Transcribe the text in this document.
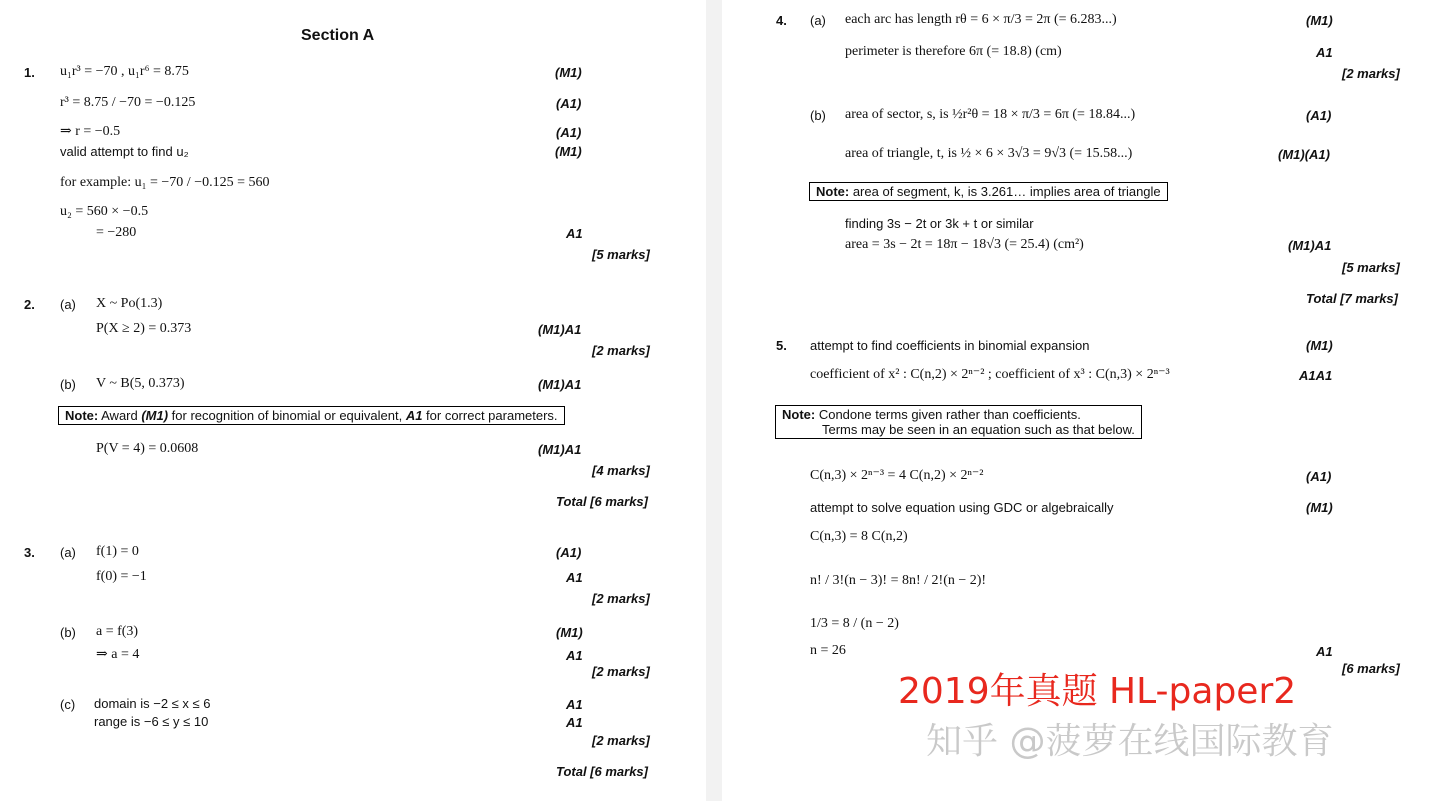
Section A
1. u₁r³ = −70 , u₁r⁶ = 8.75	(M1)
r³ = 8.75 / −70 = −0.125	(A1)
⇒ r = −0.5	(A1)
valid attempt to find u₂	(M1)
for example: u₁ = −70 / −0.125 = 560
u₂ = 560 × −0.5
= −280	A1
[5 marks]
2. (a) X ~ Po(1.3)
P(X ≥ 2) = 0.373	(M1)A1
[2 marks]
(b) V ~ B(5, 0.373)	(M1)A1
Note: Award (M1) for recognition of binomial or equivalent, A1 for correct parameters.
P(V = 4) = 0.0608	(M1)A1
[4 marks]
Total [6 marks]
3. (a) f(1) = 0	(A1)
f(0) = −1	A1
[2 marks]
(b) a = f(3)	(M1)
⇒ a = 4	A1
[2 marks]
(c) domain is −2 ≤ x ≤ 6	A1
range is −6 ≤ y ≤ 10	A1
[2 marks]
Total [6 marks]
4. (a) each arc has length rθ = 6 × π/3 = 2π (= 6.283...)	(M1)
perimeter is therefore 6π (= 18.8) (cm)	A1
[2 marks]
(b) area of sector, s, is ½r²θ = 18 × π/3 = 6π (= 18.84...)	(A1)
area of triangle, t, is ½ × 6 × 3√3 = 9√3 (= 15.58...)	(M1)(A1)
Note: area of segment, k, is 3.261… implies area of triangle
finding 3s − 2t or 3k + t or similar
area = 3s − 2t = 18π − 18√3 (= 25.4) (cm²)	(M1)A1
[5 marks]
Total [7 marks]
5. attempt to find coefficients in binomial expansion	(M1)
coefficient of x² : C(n,2) × 2ⁿ⁻² ; coefficient of x³ : C(n,3) × 2ⁿ⁻³	A1A1
Note: Condone terms given rather than coefficients.
Terms may be seen in an equation such as that below.
C(n,3) × 2ⁿ⁻³ = 4 C(n,2) × 2ⁿ⁻²	(A1)
attempt to solve equation using GDC or algebraically	(M1)
C(n,3) = 8 C(n,2)
n! / 3!(n − 3)! = 8n! / 2!(n − 2)!
1/3 = 8 / (n − 2)
n = 26	A1
[6 marks]
2019年真题 HL-paper2
知乎 @菠萝在线国际教育
